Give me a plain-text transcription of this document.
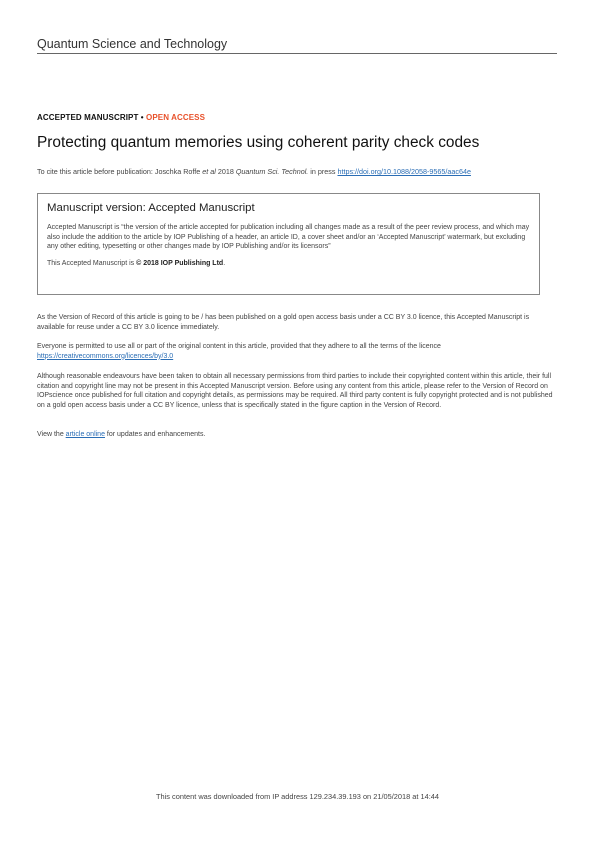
Quantum Science and Technology
ACCEPTED MANUSCRIPT • OPEN ACCESS
Protecting quantum memories using coherent parity check codes
To cite this article before publication: Joschka Roffe et al 2018 Quantum Sci. Technol. in press https://doi.org/10.1088/2058-9565/aac64e
Manuscript version: Accepted Manuscript
Accepted Manuscript is “the version of the article accepted for publication including all changes made as a result of the peer review process, and which may also include the addition to the article by IOP Publishing of a header, an article ID, a cover sheet and/or an ‘Accepted Manuscript’ watermark, but excluding any other editing, typesetting or other changes made by IOP Publishing and/or its licensors”
This Accepted Manuscript is © 2018 IOP Publishing Ltd.
As the Version of Record of this article is going to be / has been published on a gold open access basis under a CC BY 3.0 licence, this Accepted Manuscript is available for reuse under a CC BY 3.0 licence immediately.
Everyone is permitted to use all or part of the original content in this article, provided that they adhere to all the terms of the licence
https://creativecommons.org/licences/by/3.0
Although reasonable endeavours have been taken to obtain all necessary permissions from third parties to include their copyrighted content within this article, their full citation and copyright line may not be present in this Accepted Manuscript version. Before using any content from this article, please refer to the Version of Record on IOPscience once published for full citation and copyright details, as permissions may be required. All third party content is fully copyright protected and is not published on a gold open access basis under a CC BY licence, unless that is specifically stated in the figure caption in the Version of Record.
View the article online for updates and enhancements.
This content was downloaded from IP address 129.234.39.193 on 21/05/2018 at 14:44
